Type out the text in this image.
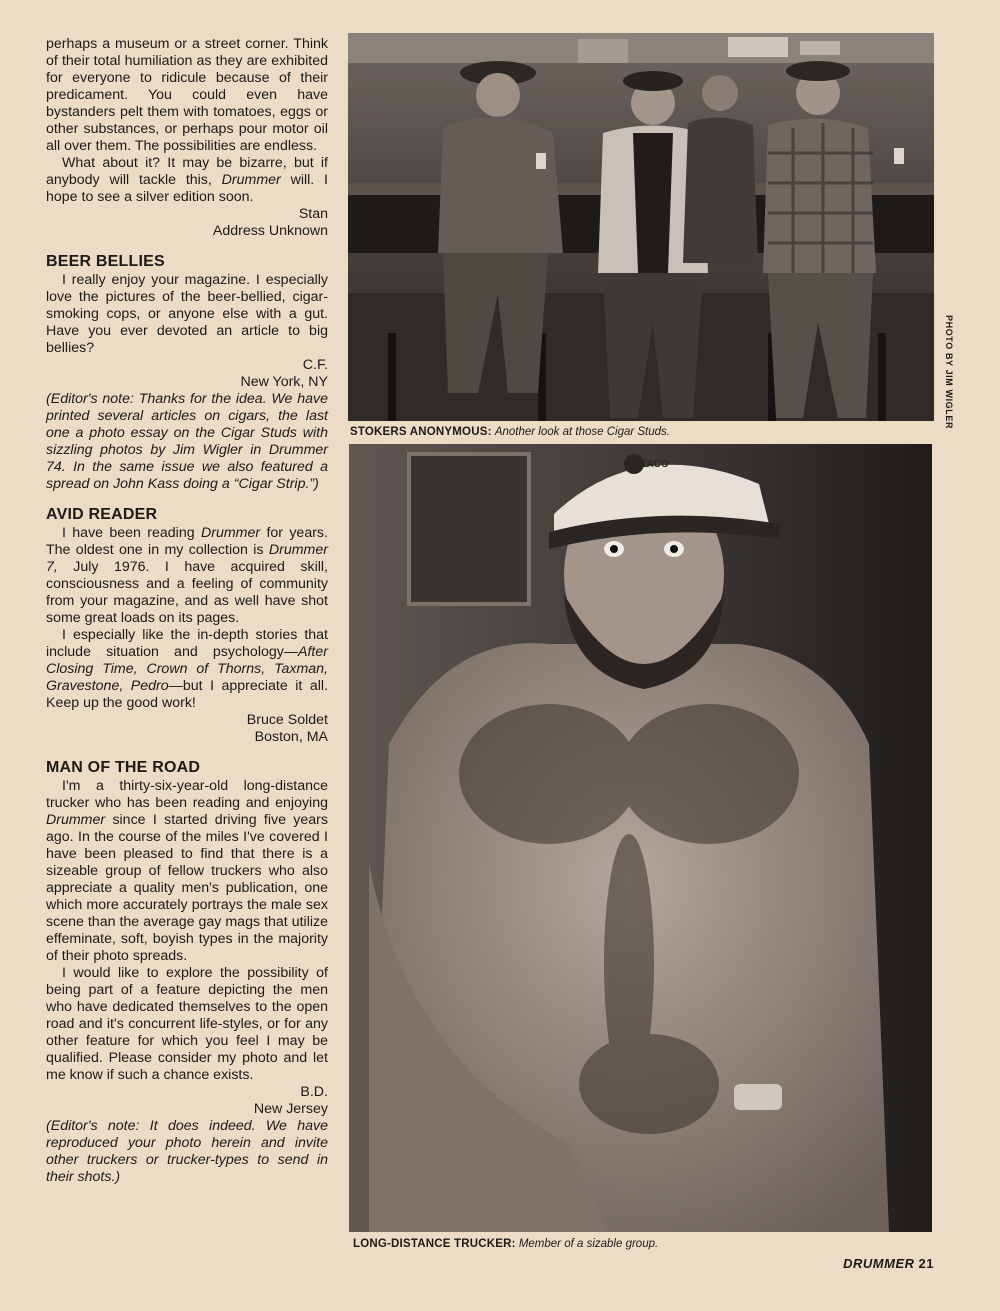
perhaps a museum or a street corner. Think of their total humiliation as they are exhibited for everyone to ridicule because of their predicament. You could even have bystanders pelt them with tomatoes, eggs or other substances, or perhaps pour motor oil all over them. The possibilities are endless.

What about it? It may be bizarre, but if anybody will tackle this, Drummer will. I hope to see a silver edition soon.

Stan

Address Unknown

BEER BELLIES

I really enjoy your magazine. I especially love the pictures of the beer-bellied, cigar-smoking cops, or anyone else with a gut. Have you ever devoted an article to big bellies?

C.F.

New York, NY

(Editor's note: Thanks for the idea. We have printed several articles on cigars, the last one a photo essay on the Cigar Studs with sizzling photos by Jim Wigler in Drummer 74. In the same issue we also featured a spread on John Kass doing a “Cigar Strip.”)

AVID READER

I have been reading Drummer for years. The oldest one in my collection is Drummer 7, July 1976. I have acquired skill, consciousness and a feeling of community from your magazine, and as well have shot some great loads on its pages.

I especially like the in-depth stories that include situation and psychology—After Closing Time, Crown of Thorns, Taxman, Gravestone, Pedro—but I appreciate it all. Keep up the good work!

Bruce Soldet

Boston, MA

MAN OF THE ROAD

I'm a thirty-six-year-old long-distance trucker who has been reading and enjoying Drummer since I started driving five years ago. In the course of the miles I've covered I have been pleased to find that there is a sizeable group of fellow truckers who also appreciate a quality men's publication, one which more accurately portrays the male sex scene than the average gay mags that utilize effeminate, soft, boyish types in the majority of their photo spreads.

I would like to explore the possibility of being part of a feature depicting the men who have dedicated themselves to the open road and it's concurrent life-styles, or for any other feature for which you feel I may be qualified. Please consider my photo and let me know if such a chance exists.

B.D.

New Jersey

(Editor's note: It does indeed. We have reproduced your photo herein and invite other truckers or trucker-types to send in their shots.)

STOKERS ANONYMOUS: Another look at those Cigar Studs.
PHOTO BY JIM WIGLER
TEXACO
LONG-DISTANCE TRUCKER: Member of a sizable group.
DRUMMER 21
